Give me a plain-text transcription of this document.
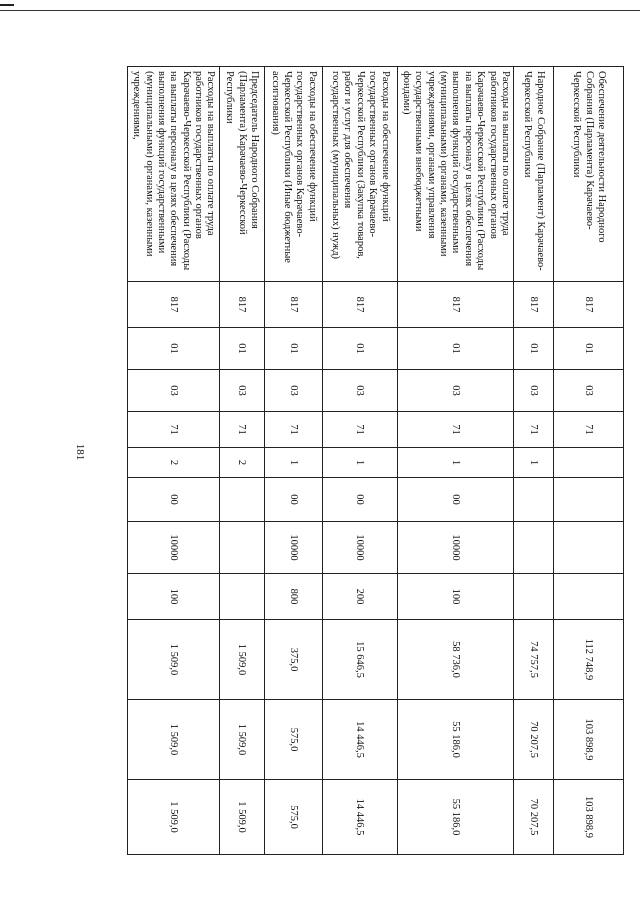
181
Обеспечение деятельности Народного Собрания (Парламента) Карачаево-Черкесской Республики	817	01	03	71					112 748,9	103 898,9	103 898,9
Народное Собрание (Парламент) Карачаево-Черкесской Республики	817	01	03	71	1				74 757,5	70 207,5	70 207,5
Расходы на выплаты по оплате труда работников государственных органов Карачаево-Черкесской Республики (Расходы на выплаты персоналу в целях обеспечения выполнения функций государственными (муниципальными) органами, казенными учреждениями, органами управления государственными внебюджетными фондами)	817	01	03	71	1	00	10000	100	58 736,0	55 186,0	55 186,0
Расходы на обеспечение функций государственных органов Карачаево-Черкесской Республики (Закупка товаров, работ и услуг для обеспечения государственных (муниципальных) нужд)	817	01	03	71	1	00	10000	200	15 646,5	14 446,5	14 446,5
Расходы на обеспечение функций государственных органов Карачаево-Черкесской Республики (Иные бюджетные ассигнования)	817	01	03	71	1	00	10000	800	375,0	575,0	575,0
Председатель Народного Собрания (Парламента) Карачаево-Черкесской Республики	817	01	03	71	2				1 509,0	1 509,0	1 509,0
Расходы на выплаты по оплате труда работников государственных органов Карачаево-Черкесской Республики (Расходы на выплаты персоналу в целях обеспечения выполнения функций государственными (муниципальными) органами, казенными учреждениями,	817	01	03	71	2	00	10000	100	1 509,0	1 509,0	1 509,0
